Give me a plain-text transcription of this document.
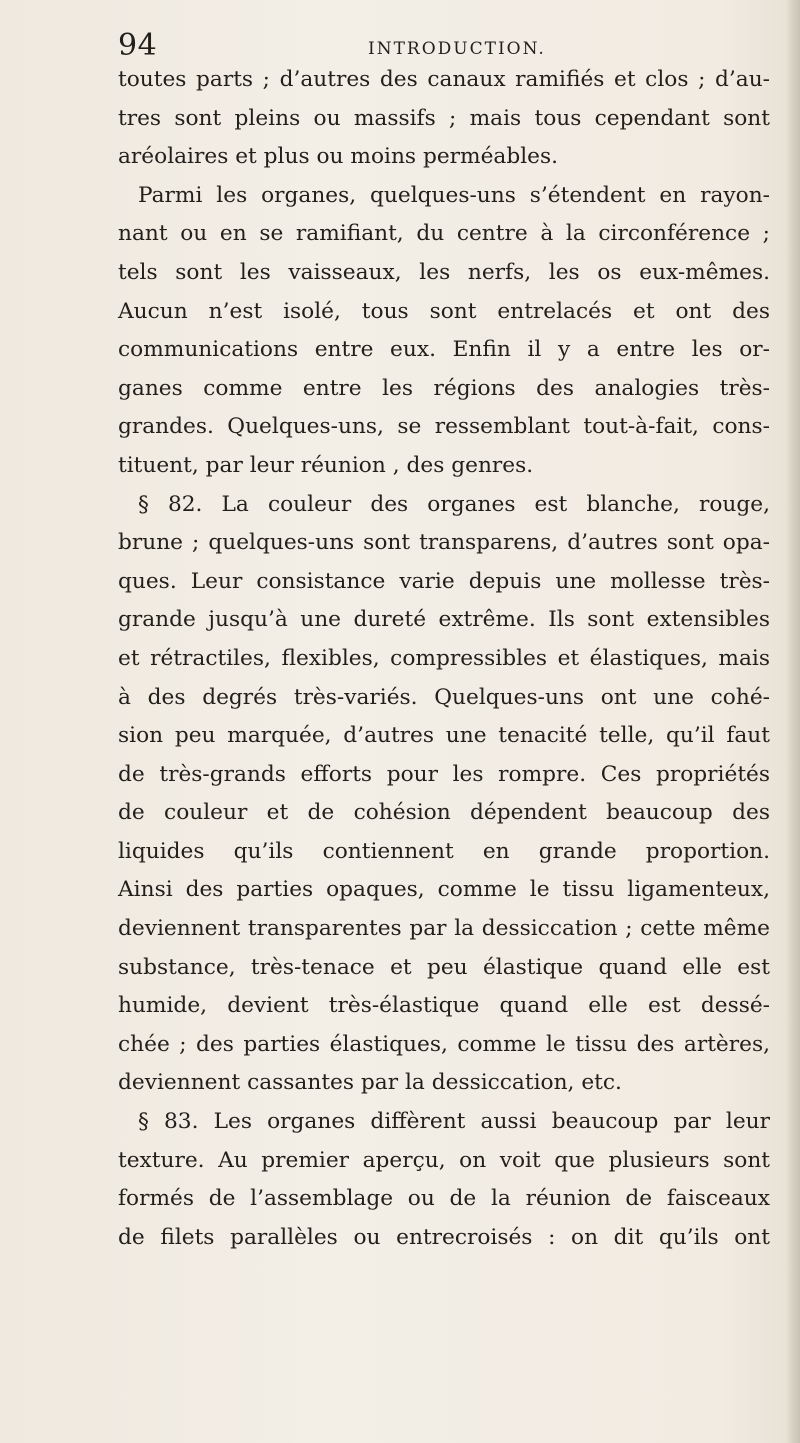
94	INTRODUCTION.
toutes parts ; d’autres des canaux ramifiés et clos ; d’au-
tres sont pleins ou massifs ; mais tous cependant sont
aréolaires et plus ou moins perméables.
Parmi les organes, quelques-uns s’étendent en rayon-
nant ou en se ramifiant, du centre à la circonférence ;
tels sont les vaisseaux, les nerfs, les os eux-mêmes.
Aucun n’est isolé, tous sont entrelacés et ont des
communications entre eux. Enfin il y a entre les or-
ganes comme entre les régions des analogies très-
grandes. Quelques-uns, se ressemblant tout-à-fait, cons-
tituent, par leur réunion , des genres.
§ 82. La couleur des organes est blanche, rouge,
brune ; quelques-uns sont transparens, d’autres sont opa-
ques. Leur consistance varie depuis une mollesse très-
grande jusqu’à une dureté extrême. Ils sont extensibles
et rétractiles, flexibles, compressibles et élastiques, mais
à des degrés très-variés. Quelques-uns ont une cohé-
sion peu marquée, d’autres une tenacité telle, qu’il faut
de très-grands efforts pour les rompre. Ces propriétés
de couleur et de cohésion dépendent beaucoup des
liquides qu’ils contiennent en grande proportion.
Ainsi des parties opaques, comme le tissu ligamenteux,
deviennent transparentes par la dessiccation ; cette même
substance, très-tenace et peu élastique quand elle est
humide, devient très-élastique quand elle est dessé-
chée ; des parties élastiques, comme le tissu des artères,
deviennent cassantes par la dessiccation, etc.
§ 83. Les organes diffèrent aussi beaucoup par leur
texture. Au premier aperçu, on voit que plusieurs sont
formés de l’assemblage ou de la réunion de faisceaux
de filets parallèles ou entrecroisés : on dit qu’ils ont
